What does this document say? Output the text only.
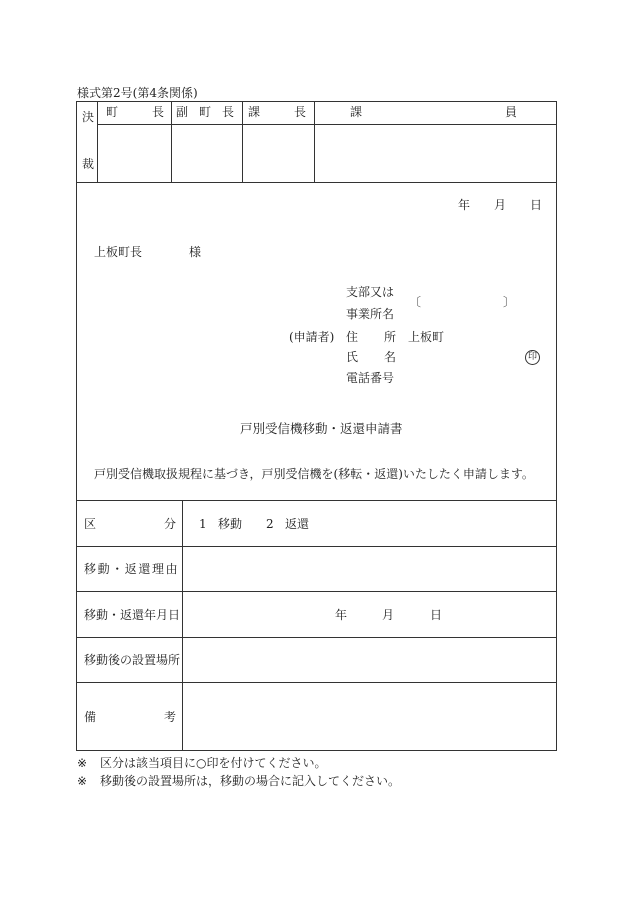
様式第2号(第4条関係)
決
裁
町	長 副 町 長 課	長	課	員
年 月 日
上板町長	様
支部又は
事業所名
〔	〕
(申請者) 住 所 上板町
氏 名	印
電話番号
戸別受信機移動・返還申請書
戸別受信機取扱規程に基づき，戸別受信機を(移転・返還)いたしたく申請します。
区	分 1 移動 2 返還
移動・返還理由
移動・返還年月日	年	月	日
移動後の設置場所
備	考
※ 区分は該当項目に○印を付けてください。
※ 移動後の設置場所は，移動の場合に記入してください。
